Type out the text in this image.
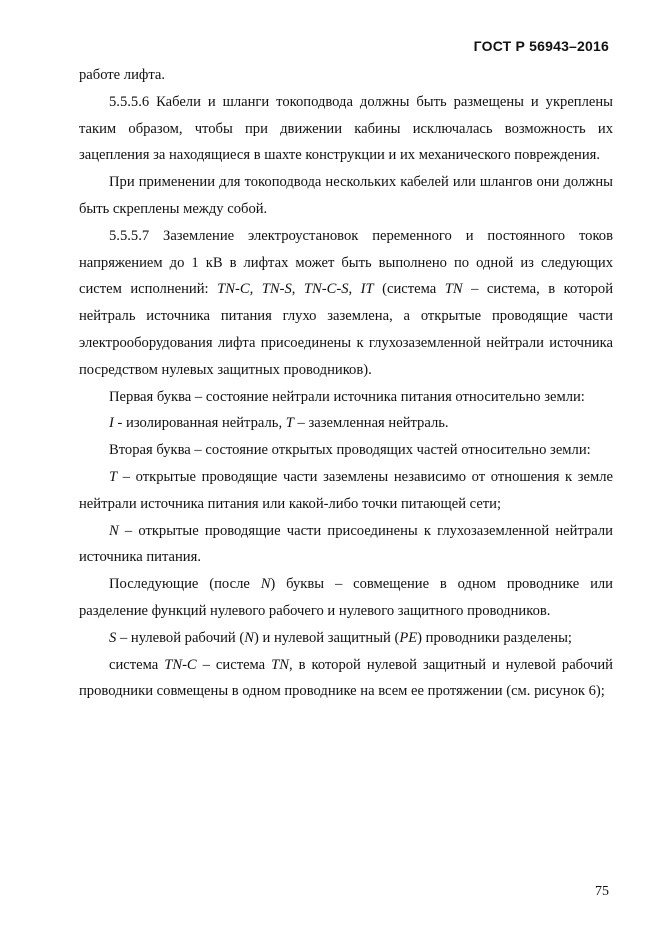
ГОСТ Р 56943–2016

работе лифта.

5.5.5.6 Кабели и шланги токоподвода должны быть размещены и укреплены таким образом, чтобы при движении кабины исключалась возможность их зацепления за находящиеся в шахте конструкции и их механического повреждения.

При применении для токоподвода нескольких кабелей или шлангов они должны быть скреплены между собой.

5.5.5.7 Заземление электроустановок переменного и постоянного токов напряжением до 1 кВ в лифтах может быть выполнено по одной из следующих систем исполнений: TN-C, TN-S, TN-C-S, IT (система TN – система, в которой нейтраль источника питания глухо заземлена, а открытые проводящие части электрооборудования лифта присоединены к глухозаземленной нейтрали источника посредством нулевых защитных проводников).

Первая буква – состояние нейтрали источника питания относительно земли:

I - изолированная нейтраль, T – заземленная нейтраль.

Вторая буква – состояние открытых проводящих частей относительно земли:

T – открытые проводящие части заземлены независимо от отношения к земле нейтрали источника питания или какой-либо точки питающей сети;

N – открытые проводящие части присоединены к глухозаземленной нейтрали источника питания.

Последующие (после N) буквы – совмещение в одном проводнике или разделение функций нулевого рабочего и нулевого защитного проводников.

S – нулевой рабочий (N) и нулевой защитный (PE) проводники разделены;

система TN-C – система TN, в которой нулевой защитный и нулевой рабочий проводники совмещены в одном проводнике на всем ее протяжении (см. рисунок 6);

75
